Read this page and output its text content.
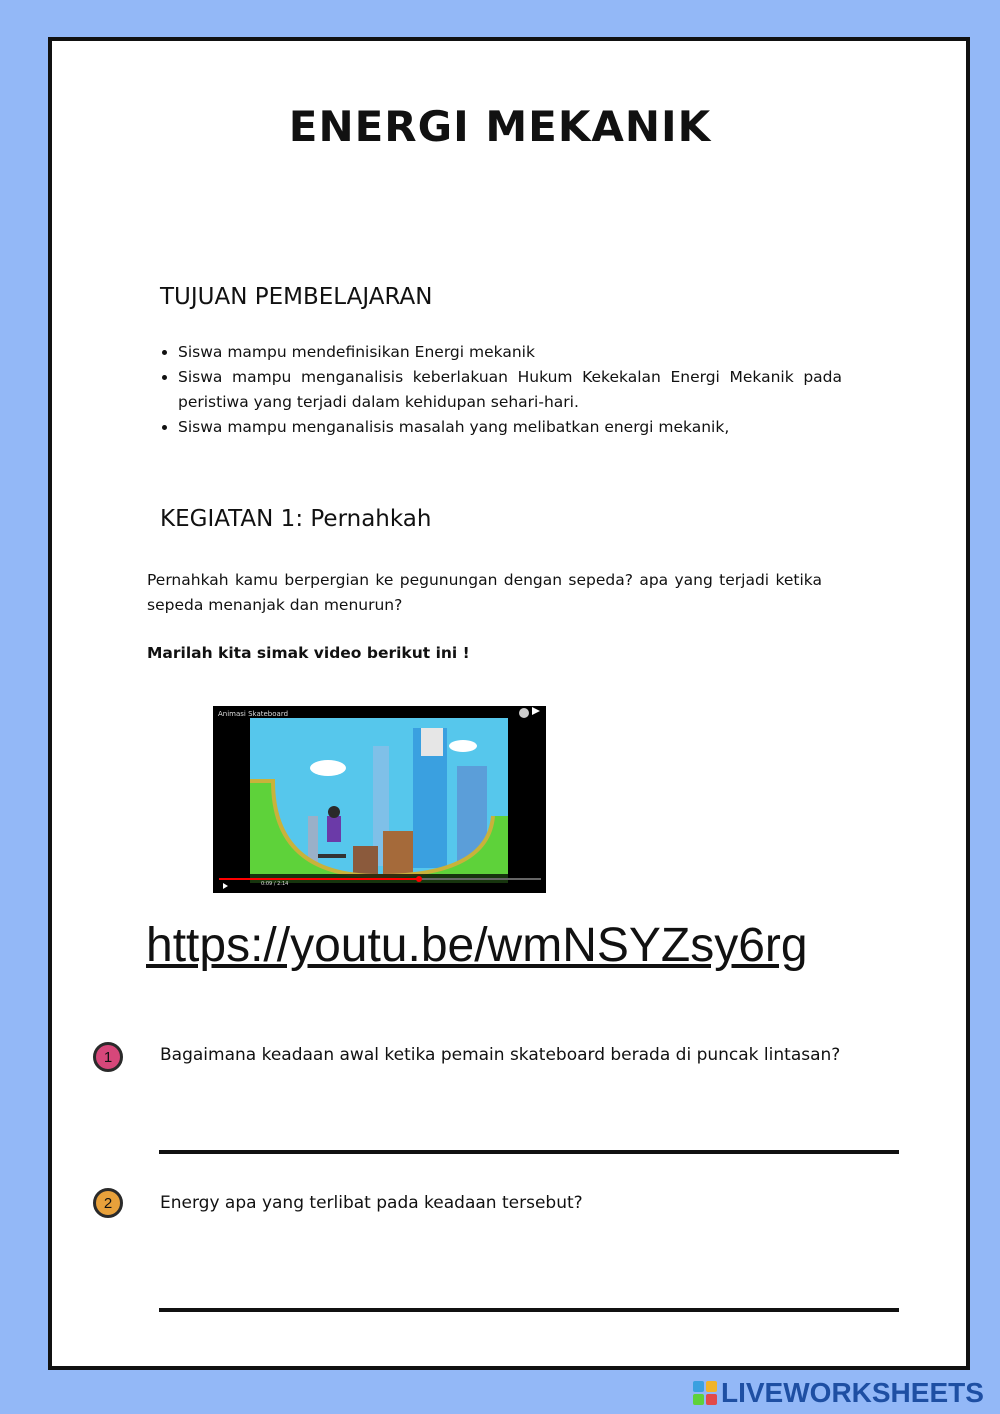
ENERGI MEKANIK
TUJUAN PEMBELAJARAN
• Siswa mampu mendefinisikan Energi mekanik
• Siswa mampu menganalisis keberlakuan Hukum Kekekalan Energi Mekanik pada peristiwa yang terjadi dalam kehidupan sehari-hari.
• Siswa mampu menganalisis masalah yang melibatkan energi mekanik,
KEGIATAN 1: Pernahkah

Pernahkah kamu berpergian ke pegunungan dengan sepeda? apa yang terjadi ketika sepeda menanjak dan menurun?

Marilah kita simak video berikut ini !

Animasi Skateboard
0:09 / 2:14
https://youtu.be/wmNSYZsy6rg
1	Bagaimana keadaan awal ketika pemain skateboard berada di puncak lintasan?

2	Energy apa yang terlibat pada keadaan tersebut?

LIVEWORKSHEETS
